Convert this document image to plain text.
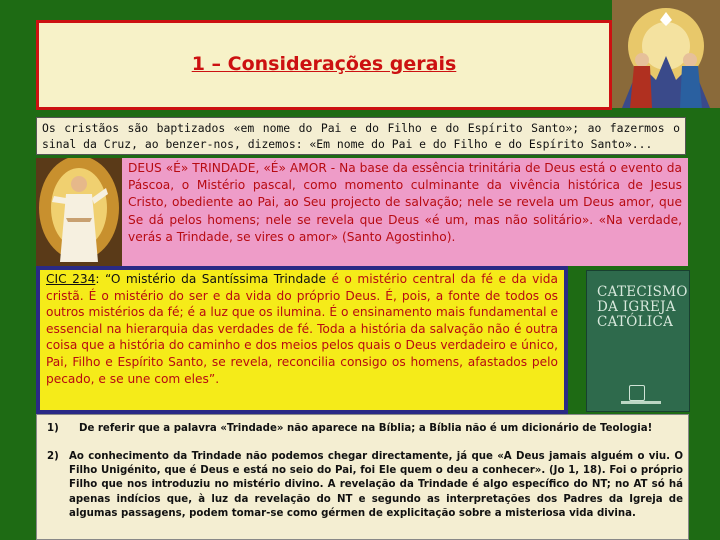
1 – Considerações gerais
Os cristãos são baptizados «em nome do Pai e do Filho e do Espírito Santo»; ao fazermos o sinal da Cruz, ao benzer-nos, dizemos: «Em nome do Pai e do Filho e do Espírito Santo»...
DEUS «É» TRINDADE, «É» AMOR - Na base da essência trinitária de Deus está o evento da Páscoa, o Mistério pascal, como momento culminante da vivência histórica de Jesus Cristo, obediente ao Pai, ao Seu projecto de salvação; nele se revela um Deus amor, que Se dá pelos homens; nele se revela que Deus «é um, mas não solitário». «Na verdade, verás a Trindade, se vires o amor» (Santo Agostinho).
CIC 234: “O mistério da Santíssima Trindade é o mistério central da fé e da vida cristã. É o mistério do ser e da vida do próprio Deus. É, pois, a fonte de todos os outros mistérios da fé; é a luz que os ilumina. É o ensinamento mais fundamental e essencial na hierarquia das verdades de fé. Toda a história da salvação não é outra coisa que a história do caminho e dos meios pelos quais o Deus verdadeiro e único, Pai, Filho e Espírito Santo, se revela, reconcilia consigo os homens, afastados pelo pecado, e se une com eles”.
CATECISMO DA IGREJA CATÓLICA
1)	De referir que a palavra «Trindade» não aparece na Bíblia; a Bíblia não é um dicionário de Teologia!
2)	Ao conhecimento da Trindade não podemos chegar directamente, já que «A Deus jamais alguém o viu. O Filho Unigénito, que é Deus e está no seio do Pai, foi Ele quem o deu a conhecer». (Jo 1, 18). Foi o próprio Filho que nos introduziu no mistério divino. A revelação da Trindade é algo específico do NT; no AT só há apenas indícios que, à luz da revelação do NT e segundo as interpretações dos Padres da Igreja de algumas passagens, podem tomar-se como gérmen de explicitação sobre a misteriosa vida divina.
